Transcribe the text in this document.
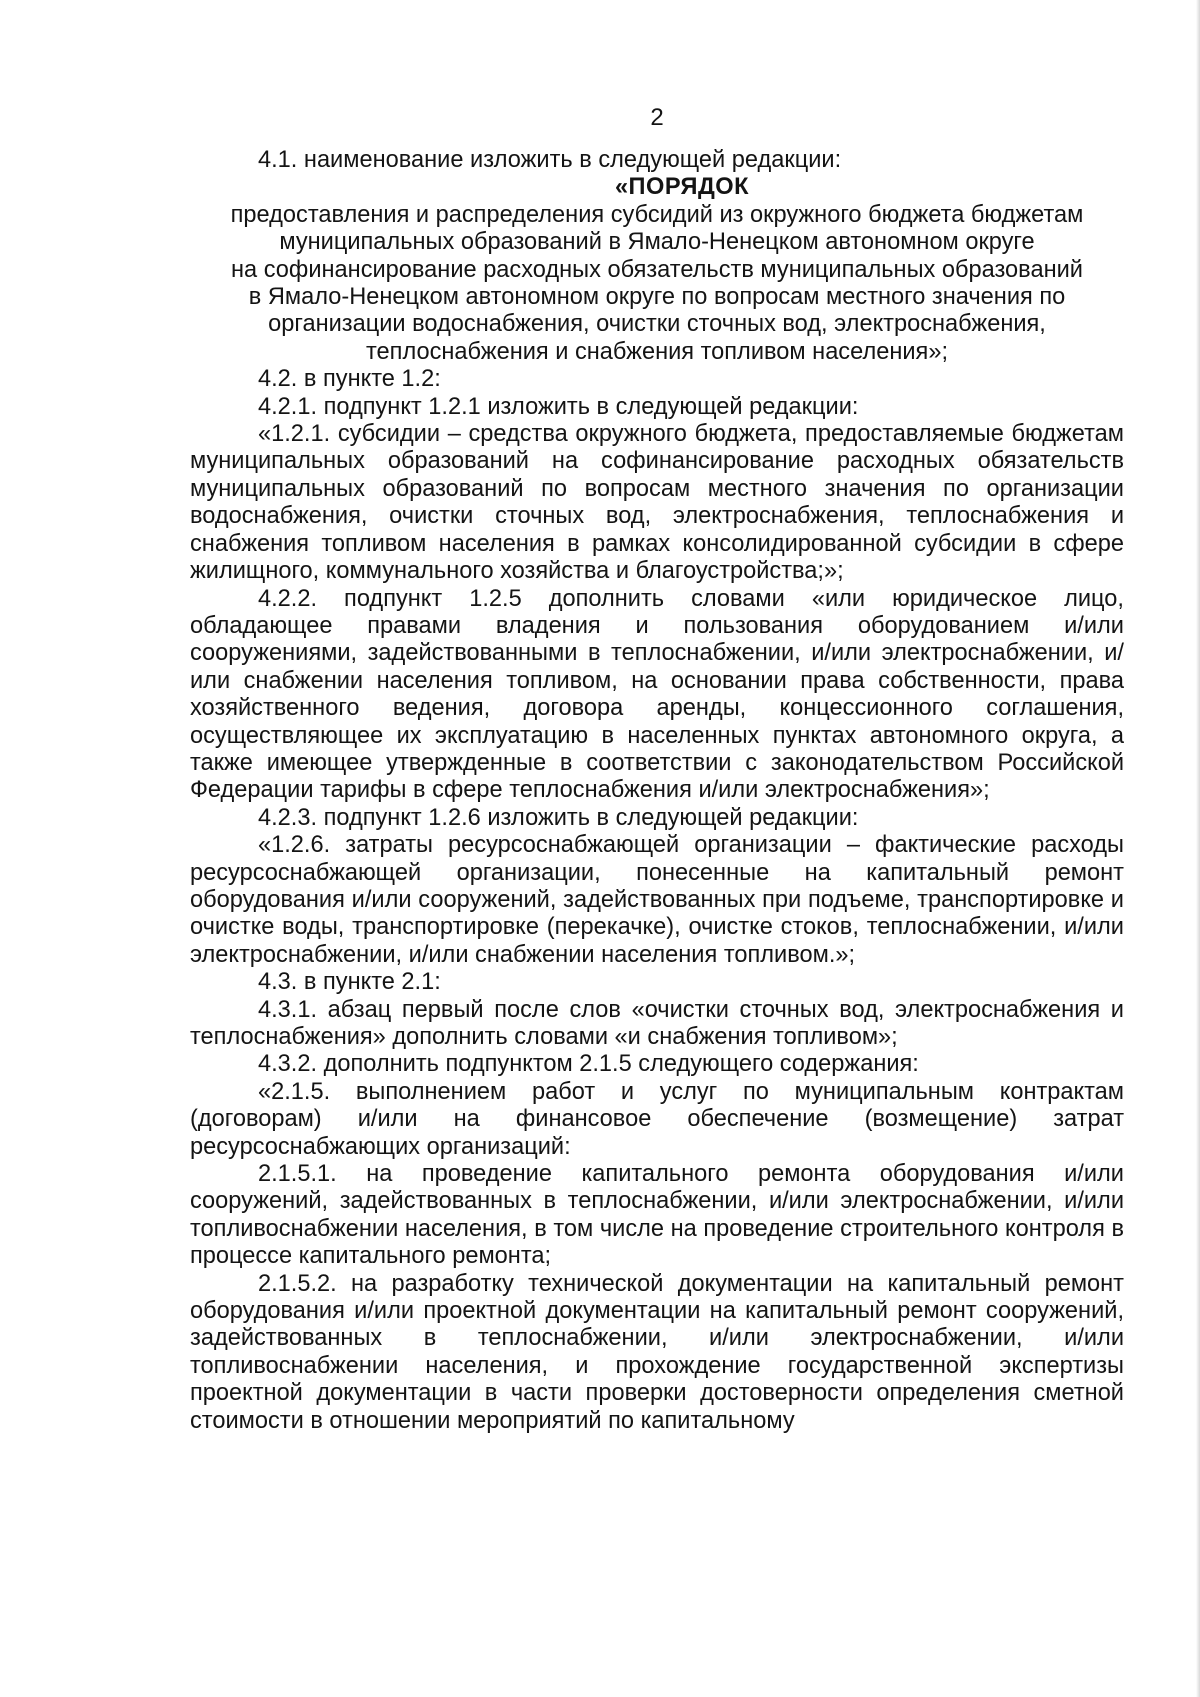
2

4.1. наименование изложить в следующей редакции:

«ПОРЯДОК

предоставления и распределения субсидий из окружного бюджета бюджетам
муниципальных образований в Ямало-Ненецком автономном округе
на софинансирование расходных обязательств муниципальных образований
в Ямало-Ненецком автономном округе по вопросам местного значения по
организации водоснабжения, очистки сточных вод, электроснабжения,
теплоснабжения и снабжения топливом населения»;

4.2. в пункте 1.2:

4.2.1. подпункт 1.2.1 изложить в следующей редакции:

«1.2.1. субсидии – средства окружного бюджета, предоставляемые бюджетам муниципальных образований на софинансирование расходных обязательств муниципальных образований по вопросам местного значения по организации водоснабжения, очистки сточных вод, электроснабжения, теплоснабжения и снабжения топливом населения в рамках консолидированной субсидии в сфере жилищного, коммунального хозяйства и благоустройства;»;

4.2.2. подпункт 1.2.5 дополнить словами «или юридическое лицо, обладающее правами владения и пользования оборудованием и/или сооружениями, задействованными в теплоснабжении, и/или электроснабжении, и/или снабжении населения топливом, на основании права собственности, права хозяйственного ведения, договора аренды, концессионного соглашения, осуществляющее их эксплуатацию в населенных пунктах автономного округа, а также имеющее утвержденные в соответствии с законодательством Российской Федерации тарифы в сфере теплоснабжения и/или электроснабжения»;

4.2.3. подпункт 1.2.6 изложить в следующей редакции:

«1.2.6. затраты ресурсоснабжающей организации – фактические расходы ресурсоснабжающей организации, понесенные на капитальный ремонт оборудования и/или сооружений, задействованных при подъеме, транспортировке и очистке воды, транспортировке (перекачке), очистке стоков, теплоснабжении, и/или электроснабжении, и/или снабжении населения топливом.»;

4.3. в пункте 2.1:

4.3.1. абзац первый после слов «очистки сточных вод, электроснабжения и теплоснабжения» дополнить словами «и снабжения топливом»;

4.3.2. дополнить подпунктом 2.1.5 следующего содержания:

«2.1.5. выполнением работ и услуг по муниципальным контрактам (договорам) и/или на финансовое обеспечение (возмещение) затрат ресурсоснабжающих организаций:

2.1.5.1. на проведение капитального ремонта оборудования и/или сооружений, задействованных в теплоснабжении, и/или электроснабжении, и/или топливоснабжении населения, в том числе на проведение строительного контроля в процессе капитального ремонта;

2.1.5.2. на разработку технической документации на капитальный ремонт оборудования и/или проектной документации на капитальный ремонт сооружений, задействованных в теплоснабжении, и/или электроснабжении, и/или топливоснабжении населения, и прохождение государственной экспертизы проектной документации в части проверки достоверности определения сметной стоимости в отношении мероприятий по капитальному
